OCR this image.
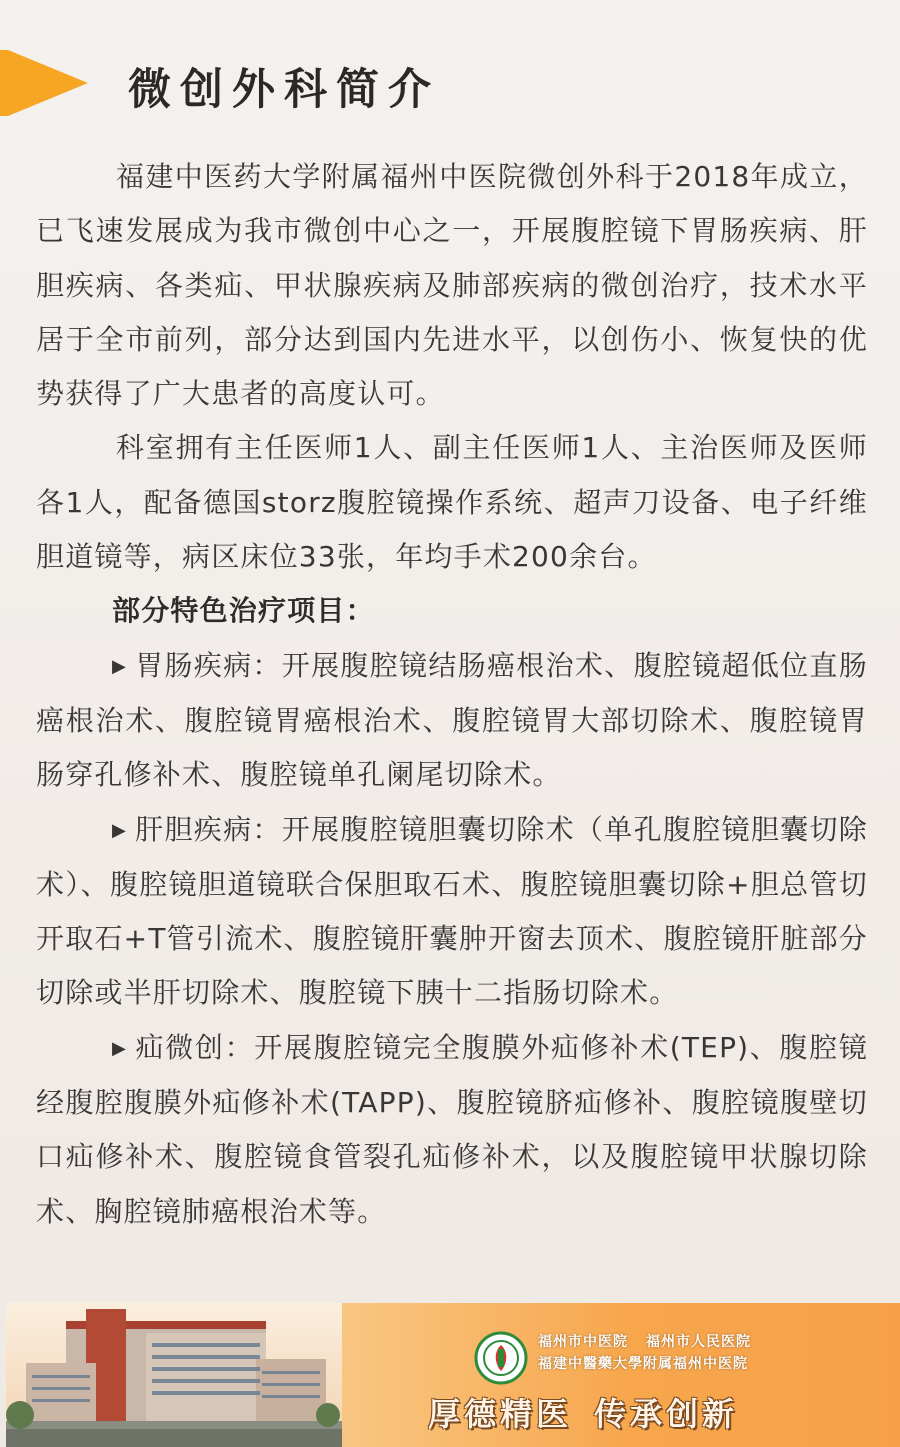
微创外科简介

福建中医药大学附属福州中医院微创外科于2018年成立，已飞速发展成为我市微创中心之一，开展腹腔镜下胃肠疾病、肝胆疾病、各类疝、甲状腺疾病及肺部疾病的微创治疗，技术水平居于全市前列，部分达到国内先进水平，以创伤小、恢复快的优势获得了广大患者的高度认可。

科室拥有主任医师1人、副主任医师1人、主治医师及医师各1人，配备德国storz腹腔镜操作系统、超声刀设备、电子纤维胆道镜等，病区床位33张，年均手术200余台。

部分特色治疗项目：

▶ 胃肠疾病：开展腹腔镜结肠癌根治术、腹腔镜超低位直肠癌根治术、腹腔镜胃癌根治术、腹腔镜胃大部切除术、腹腔镜胃肠穿孔修补术、腹腔镜单孔阑尾切除术。

▶ 肝胆疾病：开展腹腔镜胆囊切除术（单孔腹腔镜胆囊切除术）、腹腔镜胆道镜联合保胆取石术、腹腔镜胆囊切除+胆总管切开取石+T管引流术、腹腔镜肝囊肿开窗去顶术、腹腔镜肝脏部分切除或半肝切除术、腹腔镜下胰十二指肠切除术。

▶ 疝微创：开展腹腔镜完全腹膜外疝修补术(TEP)、腹腔镜经腹腔腹膜外疝修补术(TAPP)、腹腔镜脐疝修补、腹腔镜腹壁切口疝修补术、腹腔镜食管裂孔疝修补术，以及腹腔镜甲状腺切除术、胸腔镜肺癌根治术等。

福州市中医院 福州市人民医院
福建中醫藥大學附属福州中医院
厚德精医 传承创新
